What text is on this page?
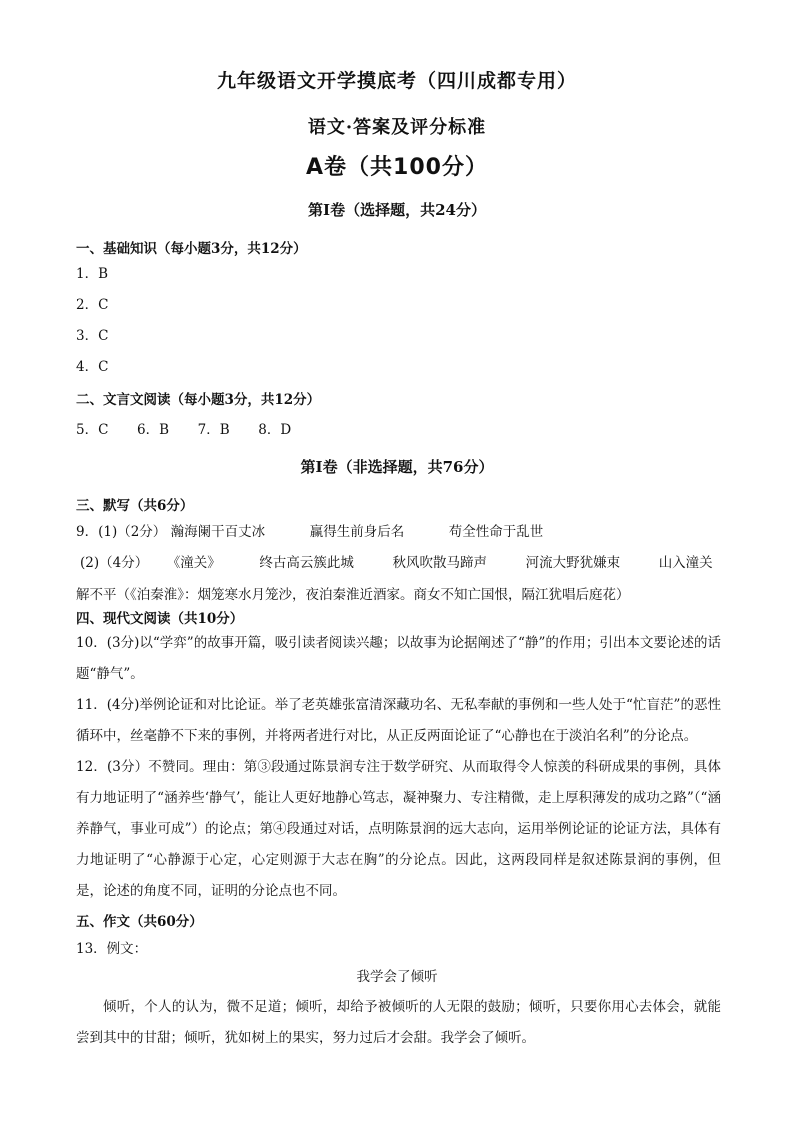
九年级语文开学摸底考（四川成都专用）
语文·答案及评分标准
A卷（共100分）
第Ⅰ卷（选择题，共24分）
一、基础知识（每小题3分，共12分）
1．B
2．C
3．C
4．C
二、文言文阅读（每小题3分，共12分）
5．C 6．B 7．B 8．D
第Ⅰ卷（非选择题，共76分）
三、默写（共6分）
9．(1)（2分） 瀚海阑干百丈冰	赢得生前身后名	苟全性命于乱世
(2)（4分） 《潼关》	终古高云簇此城	秋风吹散马蹄声	河流大野犹嫌束	山入潼关
解不平（《泊秦淮》：烟笼寒水月笼沙，夜泊秦淮近酒家。商女不知亡国恨，隔江犹唱后庭花）
四、现代文阅读（共10分）
10．(3分)以“学弈”的故事开篇，吸引读者阅读兴趣；以故事为论据阐述了“静”的作用；引出本文要论述的话题“静气”。
11．(4分)举例论证和对比论证。举了老英雄张富清深藏功名、无私奉献的事例和一些人处于“忙盲茫”的恶性循环中，丝毫静不下来的事例，并将两者进行对比，从正反两面论证了“心静也在于淡泊名利”的分论点。
12．(3分）不赞同。理由：第③段通过陈景润专注于数学研究、从而取得令人惊羡的科研成果的事例，具体有力地证明了“涵养些‘静气’，能让人更好地静心笃志，凝神聚力、专注精微，走上厚积薄发的成功之路”（“涵养静气，事业可成”）的论点；第④段通过对话，点明陈景润的远大志向，运用举例论证的论证方法，具体有力地证明了“心静源于心定，心定则源于大志在胸”的分论点。因此，这两段同样是叙述陈景润的事例，但是，论述的角度不同，证明的分论点也不同。
五、作文（共60分）
13．例文：
我学会了倾听
倾听，个人的认为，微不足道；倾听，却给予被倾听的人无限的鼓励；倾听，只要你用心去体会，就能尝到其中的甘甜；倾听，犹如树上的果实，努力过后才会甜。我学会了倾听。
